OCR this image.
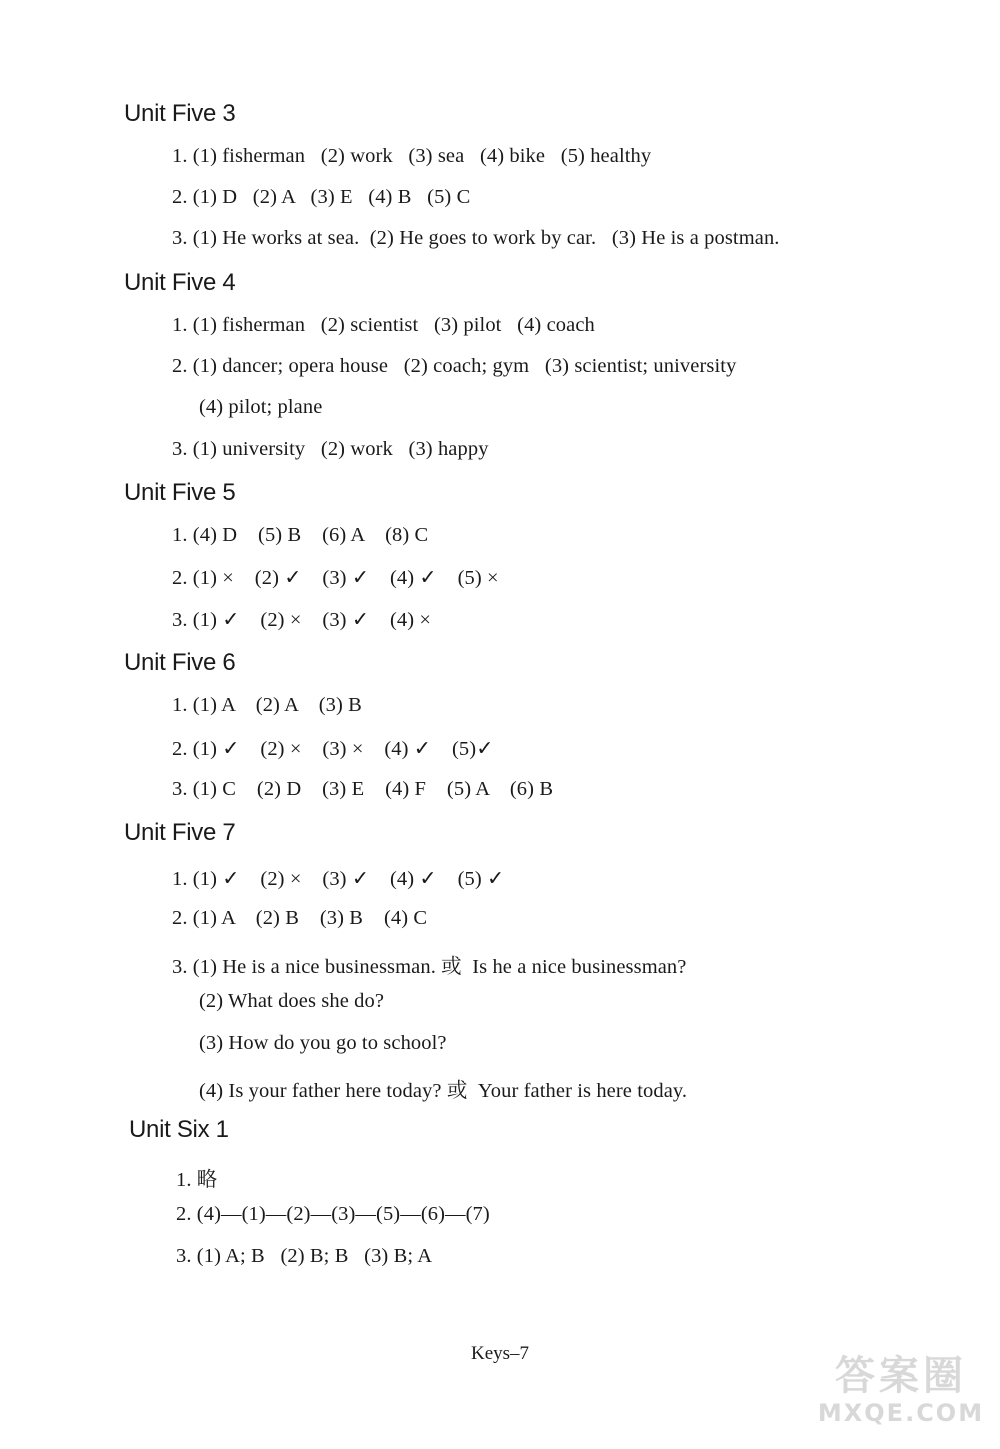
Unit Five 3
1. (1) fisherman   (2) work   (3) sea   (4) bike   (5) healthy
2. (1) D   (2) A   (3) E   (4) B   (5) C
3. (1) He works at sea.  (2) He goes to work by car.   (3) He is a postman.
Unit Five 4
1. (1) fisherman   (2) scientist   (3) pilot   (4) coach
2. (1) dancer; opera house   (2) coach; gym   (3) scientist; university
(4) pilot; plane
3. (1) university   (2) work   (3) happy
Unit Five 5
1. (4) D    (5) B    (6) A    (8) C
2. (1) ×    (2) ✓    (3) ✓    (4) ✓    (5) ×
3. (1) ✓    (2) ×    (3) ✓    (4) ×
Unit Five 6
1. (1) A    (2) A    (3) B
2. (1) ✓    (2) ×    (3) ×    (4) ✓    (5)✓
3. (1) C    (2) D    (3) E    (4) F    (5) A    (6) B
Unit Five 7
1. (1) ✓    (2) ×    (3) ✓    (4) ✓    (5) ✓
2. (1) A    (2) B    (3) B    (4) C
3. (1) He is a nice businessman. 或  Is he a nice businessman?
(2) What does she do?
(3) How do you go to school?
(4) Is your father here today? 或  Your father is here today.
Unit Six 1
1. 略
2. (4)—(1)—(2)—(3)—(5)—(6)—(7)
3. (1) A; B   (2) B; B   (3) B; A
Keys–7	答案圈
MXQE.COM
